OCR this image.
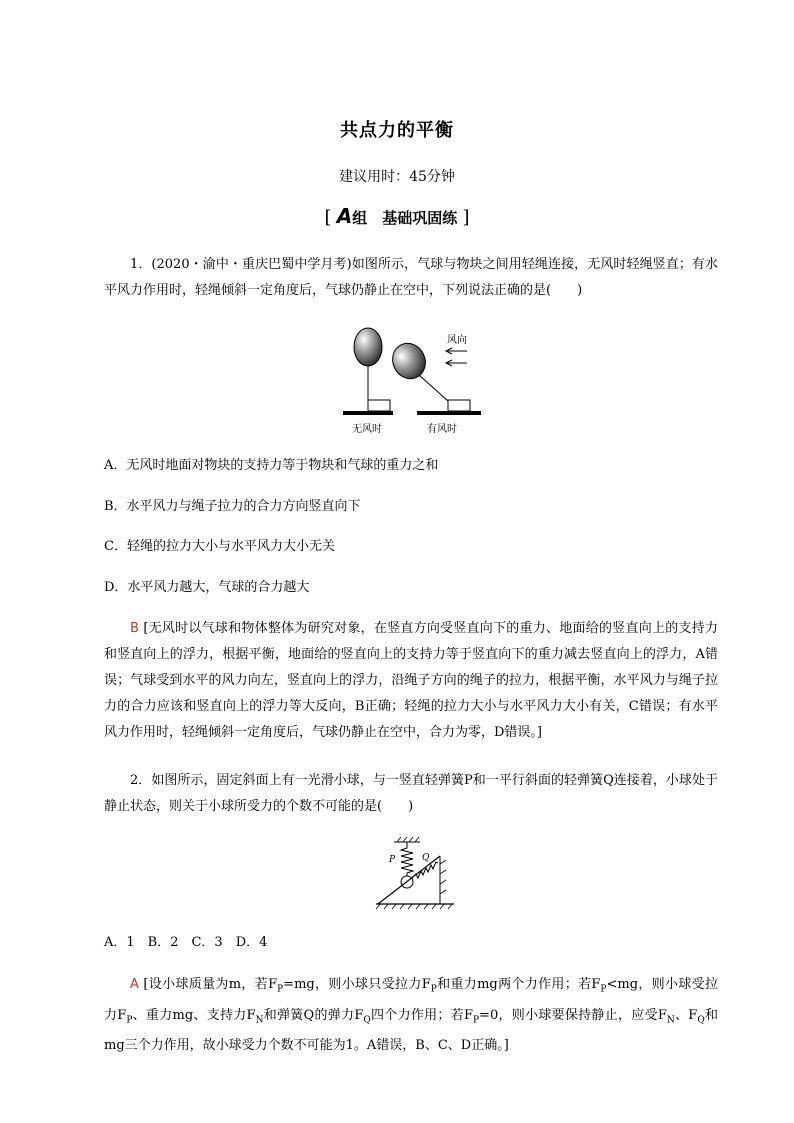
共点力的平衡
建议用时：45分钟
[ A组　基础巩固练 ]
1．(2020・渝中・重庆巴蜀中学月考)如图所示，气球与物块之间用轻绳连接，无风时轻绳竖直；有水平风力作用时，轻绳倾斜一定角度后，气球仍静止在空中，下列说法正确的是(　　)
风向
无风时	有风时
A．无风时地面对物块的支持力等于物块和气球的重力之和
B．水平风力与绳子拉力的合力方向竖直向下
C．轻绳的拉力大小与水平风力大小无关
D．水平风力越大，气球的合力越大
B [无风时以气球和物体整体为研究对象，在竖直方向受竖直向下的重力、地面给的竖直向上的支持力和竖直向上的浮力，根据平衡，地面给的竖直向上的支持力等于竖直向下的重力减去竖直向上的浮力，A错误；气球受到水平的风力向左，竖直向上的浮力，沿绳子方向的绳子的拉力，根据平衡，水平风力与绳子拉力的合力应该和竖直向上的浮力等大反向，B正确；轻绳的拉力大小与水平风力大小有关，C错误；有水平风力作用时，轻绳倾斜一定角度后，气球仍静止在空中，合力为零，D错误。]
2．如图所示，固定斜面上有一光滑小球，与一竖直轻弹簧P和一平行斜面的轻弹簧Q连接着，小球处于静止状态，则关于小球所受力的个数不可能的是(　　)
P	Q
A．1　B．2　C．3　D．4
A [设小球质量为m，若$F_P=mg$，则小球只受拉力$F_P$和重力mg两个力作用；若$F_P<mg$，则小球受拉力$F_P$、重力mg、支持力$F_N$和弹簧Q的弹力$F_Q$四个力作用；若$F_P=0$，则小球要保持静止，应受$F_N$、$F_Q$和mg三个力作用，故小球受力个数不可能为1。A错误，B、C、D正确。]
